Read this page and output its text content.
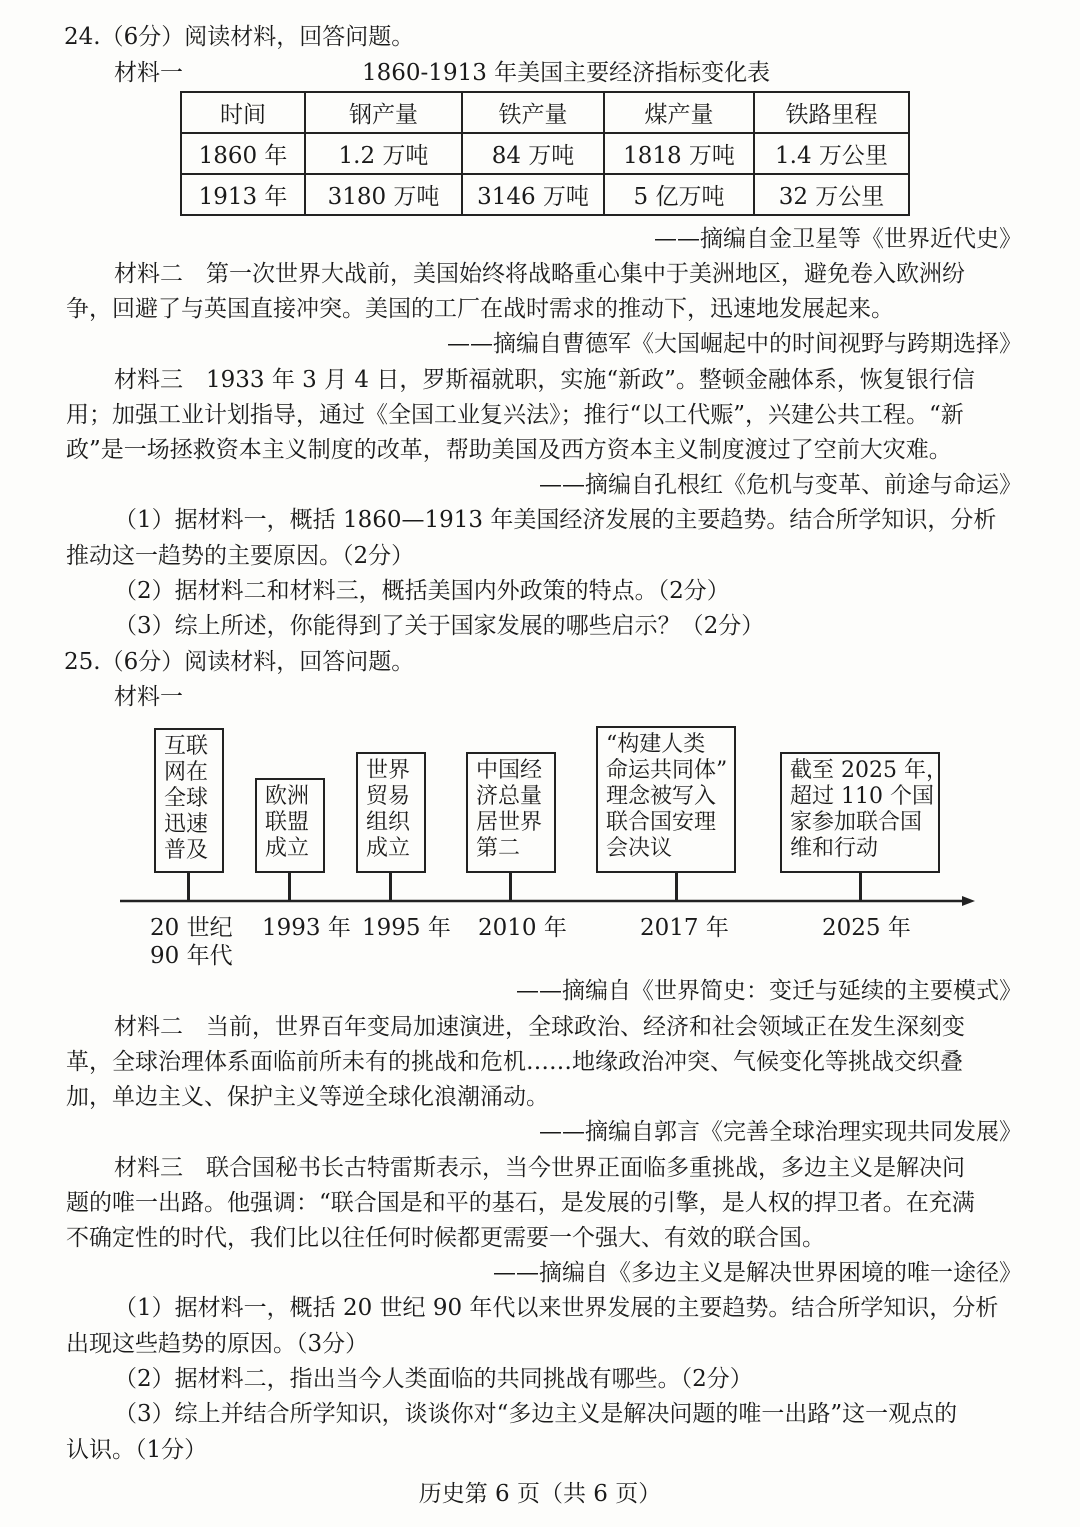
24.（6分）阅读材料，回答问题。
材料一	1860-1913 年美国主要经济指标变化表
时间	钢产量	铁产量	煤产量	铁路里程
1860 年	1.2 万吨	84 万吨	1818 万吨	1.4 万公里
1913 年	3180 万吨	3146 万吨	5 亿万吨	32 万公里
——摘编自金卫星等《世界近代史》
材料二　第一次世界大战前，美国始终将战略重心集中于美洲地区，避免卷入欧洲纷
争，回避了与英国直接冲突。美国的工厂在战时需求的推动下，迅速地发展起来。
——摘编自曹德军《大国崛起中的时间视野与跨期选择》
材料三　1933 年 3 月 4 日，罗斯福就职，实施“新政”。整顿金融体系，恢复银行信
用；加强工业计划指导，通过《全国工业复兴法》；推行“以工代赈”，兴建公共工程。“新
政”是一场拯救资本主义制度的改革，帮助美国及西方资本主义制度渡过了空前大灾难。
——摘编自孔根红《危机与变革、前途与命运》
（1）据材料一，概括 1860—1913 年美国经济发展的主要趋势。结合所学知识，分析
推动这一趋势的主要原因。（2分）
（2）据材料二和材料三，概括美国内外政策的特点。（2分）
（3）综上所述，你能得到了关于国家发展的哪些启示？（2分）
25.（6分）阅读材料，回答问题。
材料一
互联
网在
全球
迅速
普及
20 世纪
90 年代
欧洲
联盟
成立
1993 年
世界
贸易
组织
成立
1995 年
中国经
济总量
居世界
第二
2010 年
“构建人类
命运共同体”
理念被写入
联合国安理
会决议
2017 年
截至 2025 年，
超过 110 个国
家参加联合国
维和行动
2025 年
——摘编自《世界简史：变迁与延续的主要模式》
材料二　当前，世界百年变局加速演进，全球政治、经济和社会领域正在发生深刻变
革，全球治理体系面临前所未有的挑战和危机……地缘政治冲突、气候变化等挑战交织叠
加，单边主义、保护主义等逆全球化浪潮涌动。
——摘编自郭言《完善全球治理实现共同发展》
材料三　联合国秘书长古特雷斯表示，当今世界正面临多重挑战，多边主义是解决问
题的唯一出路。他强调：“联合国是和平的基石，是发展的引擎，是人权的捍卫者。在充满
不确定性的时代，我们比以往任何时候都更需要一个强大、有效的联合国。
——摘编自《多边主义是解决世界困境的唯一途径》
（1）据材料一，概括 20 世纪 90 年代以来世界发展的主要趋势。结合所学知识，分析
出现这些趋势的原因。（3分）
（2）据材料二，指出当今人类面临的共同挑战有哪些。（2分）
（3）综上并结合所学知识，谈谈你对“多边主义是解决问题的唯一出路”这一观点的
认识。（1分）
历史第 6 页（共 6 页）
